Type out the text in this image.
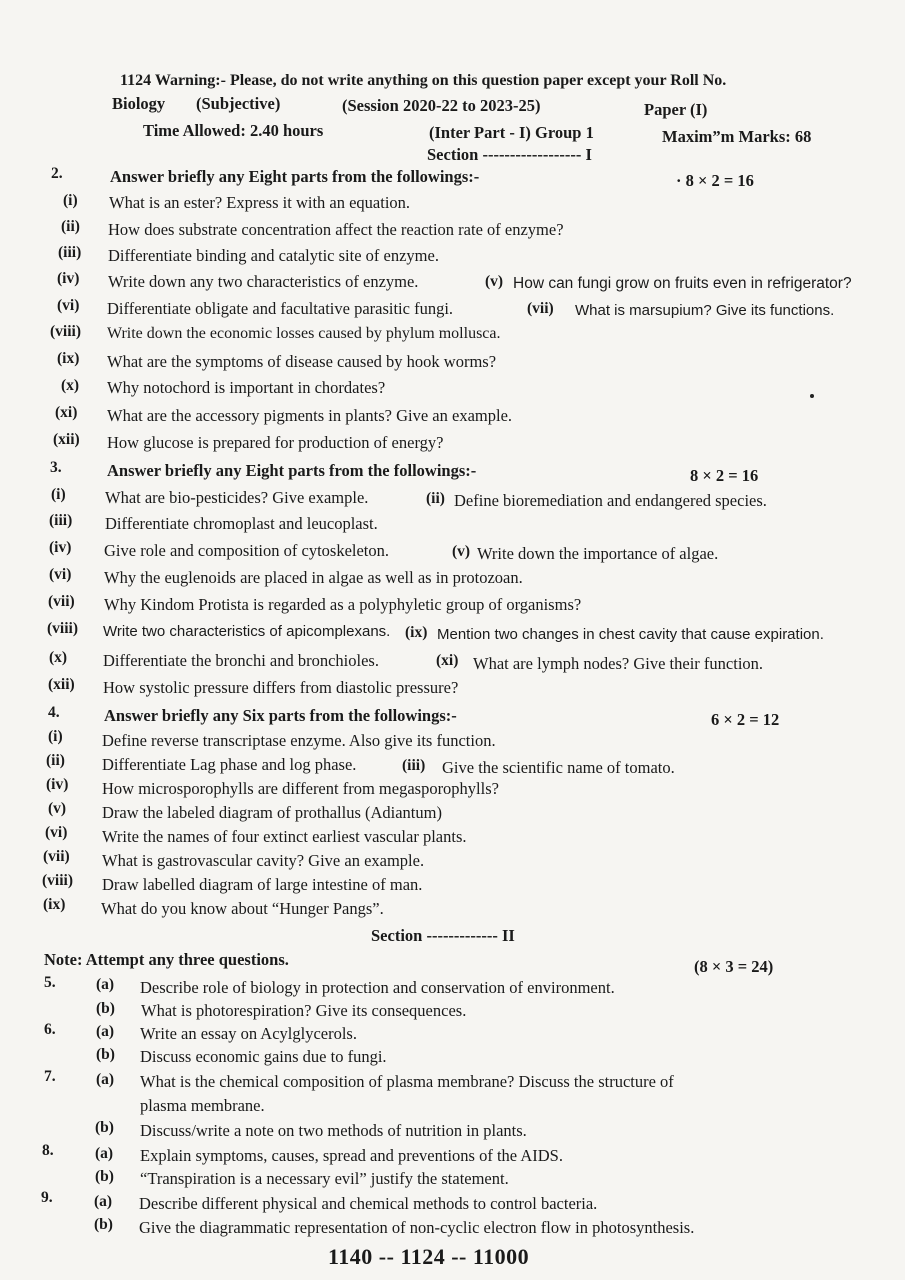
1124 Warning:- Please, do not write anything on this question paper except your Roll No.
Biology (Subjective)	(Session 2020-22 to 2023-25)	Paper (I)
Time Allowed: 2.40 hours	(Inter Part - I) Group 1	Maxim”m Marks: 68
Section ------------------ I
2.	Answer briefly any Eight parts from the followings:-	· 8 × 2 = 16
(i) What is an ester? Express it with an equation.
(ii) How does substrate concentration affect the reaction rate of enzyme?
(iii) Differentiate binding and catalytic site of enzyme.
(iv) Write down any two characteristics of enzyme.	(v) How can fungi grow on fruits even in refrigerator?
(vi) Differentiate obligate and facultative parasitic fungi.	(vii) What is marsupium? Give its functions.
(viii) Write down the economic losses caused by phylum mollusca.
(ix) What are the symptoms of disease caused by hook worms?
(x) Why notochord is important in chordates?
(xi) What are the accessory pigments in plants? Give an example.
(xii) How glucose is prepared for production of energy?
3.	Answer briefly any Eight parts from the followings:-	8 × 2 = 16
(i) What are bio-pesticides? Give example.	(ii) Define bioremediation and endangered species.
(iii) Differentiate chromoplast and leucoplast.
(iv) Give role and composition of cytoskeleton.	(v) Write down the importance of algae.
(vi) Why the euglenoids are placed in algae as well as in protozoan.
(vii) Why Kindom Protista is regarded as a polyphyletic group of organisms?
(viii) Write two characteristics of apicomplexans. (ix) Mention two changes in chest cavity that cause expiration.
(x) Differentiate the bronchi and bronchioles.	(xi) What are lymph nodes? Give their function.
(xii) How systolic pressure differs from diastolic pressure?
4.	Answer briefly any Six parts from the followings:-	6 × 2 = 12
(i) Define reverse transcriptase enzyme. Also give its function.
(ii) Differentiate Lag phase and log phase.	(iii) Give the scientific name of tomato.
(iv) How microsporophylls are different from megasporophylls?
(v) Draw the labeled diagram of prothallus (Adiantum)
(vi) Write the names of four extinct earliest vascular plants.
(vii) What is gastrovascular cavity? Give an example.
(viii) Draw labelled diagram of large intestine of man.
(ix) What do you know about “Hunger Pangs”.
Section ------------- II
Note: Attempt any three questions.	(8 × 3 = 24)
5.	(a) Describe role of biology in protection and conservation of environment.
(b) What is photorespiration? Give its consequences.
6.	(a) Write an essay on Acylglycerols.
(b) Discuss economic gains due to fungi.
7.	(a) What is the chemical composition of plasma membrane? Discuss the structure of
plasma membrane.
(b) Discuss/write a note on two methods of nutrition in plants.
8.	(a) Explain symptoms, causes, spread and preventions of the AIDS.
(b) “Transpiration is a necessary evil” justify the statement.
9.	(a) Describe different physical and chemical methods to control bacteria.
(b) Give the diagrammatic representation of non-cyclic electron flow in photosynthesis.
1140 -- 1124 -- 11000
